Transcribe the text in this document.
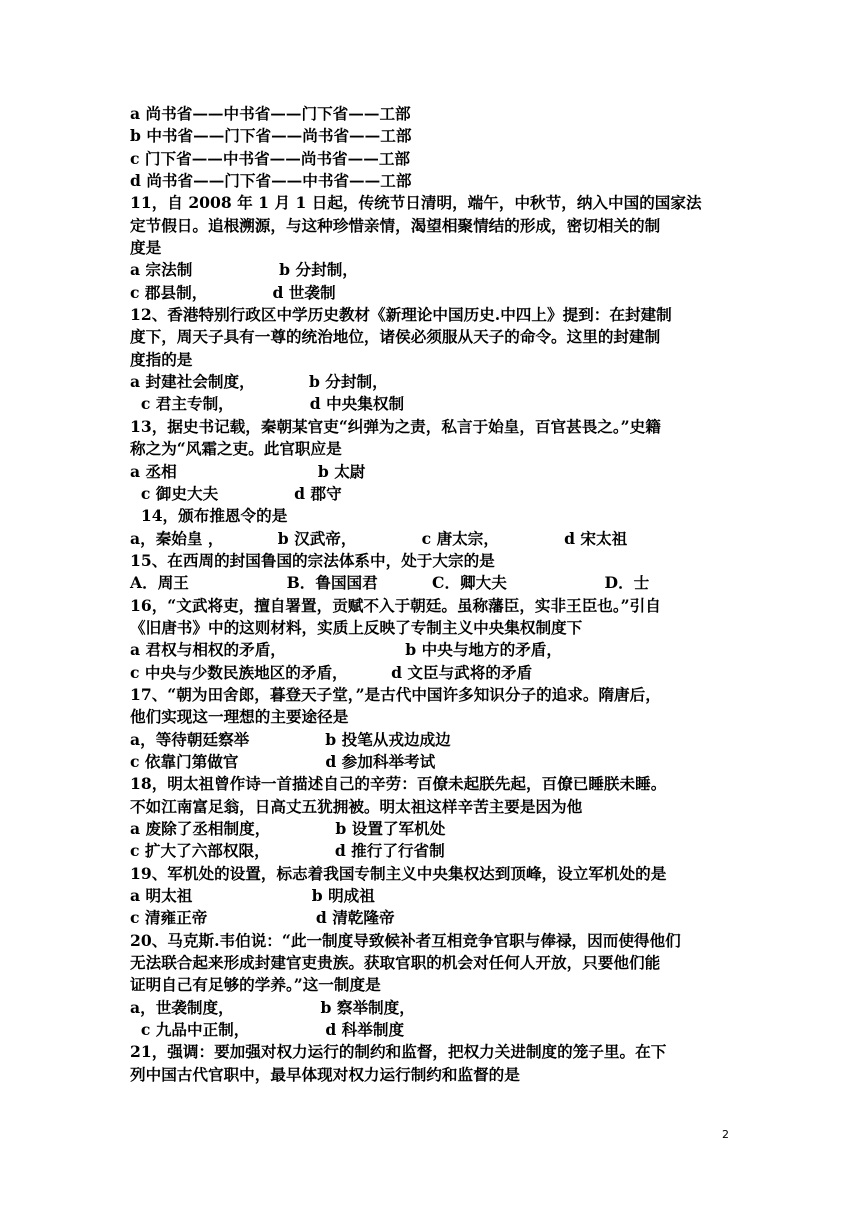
a 尚书省——中书省——门下省——工部
b 中书省——门下省——尚书省——工部
c 门下省——中书省——尚书省——工部
d 尚书省——门下省——中书省——工部
11，自 2008 年 1 月 1 日起，传统节日清明，端午，中秋节，纳入中国的国家法
定节假日。追根溯源，与这种珍惜亲情，渴望相聚情结的形成，密切相关的制
度是
a 宗法制                b 分封制，
c 郡县制，            d 世袭制
12、香港特别行政区中学历史教材《新理论中国历史.中四上》提到：在封建制
度下，周天子具有一尊的统治地位，诸侯必须服从天子的命令。这里的封建制
度指的是
a 封建社会制度，          b 分封制，
c 君主专制，              d 中央集权制
13，据史书记载，秦朝某官吏“纠弹为之责，私言于始皇，百官甚畏之。”史籍
称之为“风霜之吏。此官职应是
a 丞相                          b 太尉
c 御史大夫              d 郡守
14，颁布推恩令的是
a，秦始皇 ，          b 汉武帝，            c 唐太宗，            d 宋太祖
15、在西周的封国鲁国的宗法体系中，处于大宗的是
A．周王                  B．鲁国国君          C．卿大夫                  D．士
16，“文武将吏，擅自署置，贡赋不入于朝廷。虽称藩臣，实非王臣也。”引自
《旧唐书》中的这则材料，实质上反映了专制主义中央集权制度下
a 君权与相权的矛盾，                      b 中央与地方的矛盾，
c 中央与少数民族地区的矛盾，        d 文臣与武将的矛盾
17、“朝为田舍郎，暮登天子堂，”是古代中国许多知识分子的追求。隋唐后，
他们实现这一理想的主要途径是
a，等待朝廷察举              b 投笔从戎边成边
c 依靠门第做官                d 参加科举考试
18，明太祖曾作诗一首描述自己的辛劳：百僚未起朕先起，百僚已睡朕未睡。
不如江南富足翁，日高丈五犹拥被。明太祖这样辛苦主要是因为他
a 废除了丞相制度，            b 设置了军机处
c 扩大了六部权限，            d 推行了行省制
19、军机处的设置，标志着我国专制主义中央集权达到顶峰，设立军机处的是
a 明太祖                      b 明成祖
c 清雍正帝                    d 清乾隆帝
20、马克斯.韦伯说：“此一制度导致候补者互相竞争官职与俸禄，因而使得他们
无法联合起来形成封建官吏贵族。获取官职的机会对任何人开放，只要他们能
证明自己有足够的学养。”这一制度是
a，世袭制度，                b 察举制度，
c 九品中正制，              d 科举制度
21，强调：要加强对权力运行的制约和监督，把权力关进制度的笼子里。在下
列中国古代官职中，最早体现对权力运行制约和监督的是
2
